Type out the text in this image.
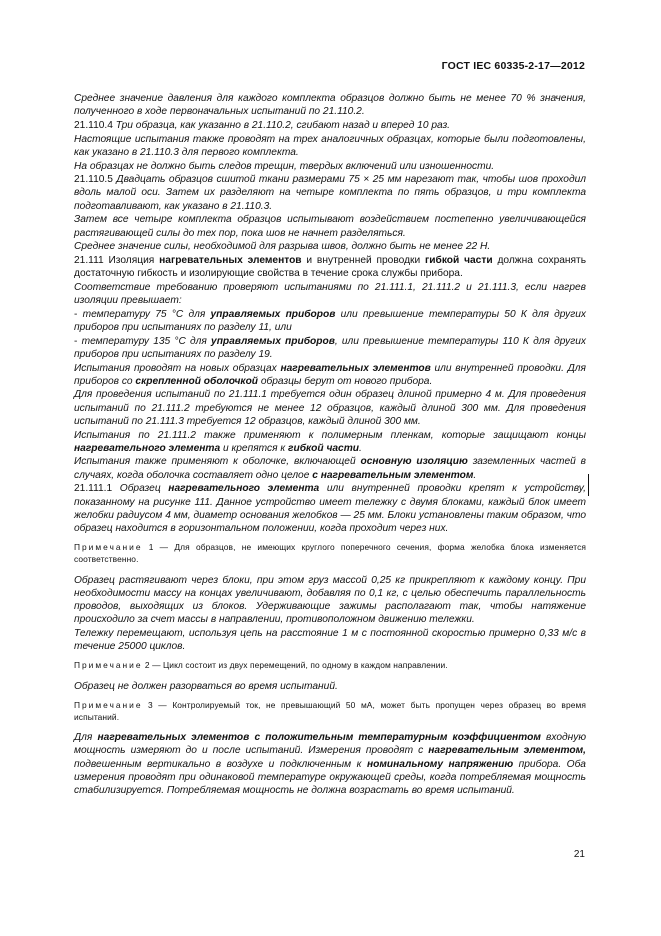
ГОСТ IEC 60335-2-17—2012

Среднее значение давления для каждого комплекта образцов должно быть не менее 70 % значения, полученного в ходе первоначальных испытаний по 21.110.2.

21.110.4 Три образца, как указанно в 21.110.2, сгибают назад и вперед 10 раз.

Настоящие испытания также проводят на трех аналогичных образцах, которые были подготовлены, как указано в 21.110.3 для первого комплекта.

На образцах не должно быть следов трещин, твердых включений или изношенности.

21.110.5 Двадцать образцов сшитой ткани размерами 75 × 25 мм нарезают так, чтобы шов проходил вдоль малой оси. Затем их разделяют на четыре комплекта по пять образцов, и три комплекта подготавливают, как указано в 21.110.3.

Затем все четыре комплекта образцов испытывают воздействием постепенно увеличивающейся растягивающей силы до тех пор, пока шов не начнет разделяться.

Среднее значение силы, необходимой для разрыва швов, должно быть не менее 22 Н.

21.111 Изоляция нагревательных элементов и внутренней проводки гибкой части должна сохранять достаточную гибкость и изолирующие свойства в течение срока службы прибора.

Соответствие требованию проверяют испытаниями по 21.111.1, 21.111.2 и 21.111.3, если нагрев изоляции превышает:

- температуру 75 °С для управляемых приборов или превышение температуры 50 К для других приборов при испытаниях по разделу 11, или

- температуру 135 °С для управляемых приборов, или превышение температуры 110 К для других приборов при испытаниях по разделу 19.

Испытания проводят на новых образцах нагревательных элементов или внутренней проводки. Для приборов со скрепленной оболочкой образцы берут от нового прибора.

Для проведения испытаний по 21.111.1 требуется один образец длиной примерно 4 м. Для проведения испытаний по 21.111.2 требуются не менее 12 образцов, каждый длиной 300 мм. Для проведения испытаний по 21.111.3 требуется 12 образцов, каждый длиной 300 мм.

Испытания по 21.111.2 также применяют к полимерным пленкам, которые защищают концы нагревательного элемента и крепятся к гибкой части.

Испытания также применяют к оболочке, включающей основную изоляцию заземленных частей в случаях, когда оболочка составляет одно целое с нагревательным элементом.

21.111.1 Образец нагревательного элемента или внутренней проводки крепят к устройству, показанному на рисунке 111. Данное устройство имеет тележку с двумя блоками, каждый блок имеет желобки радиусом 4 мм, диаметр основания желобков — 25 мм. Блоки установлены таким образом, что образец находится в горизонтальном положении, когда проходит через них.

Примечание 1 — Для образцов, не имеющих круглого поперечного сечения, форма желобка блока изменяется соответственно.

Образец растягивают через блоки, при этом груз массой 0,25 кг прикрепляют к каждому концу. При необходимости массу на концах увеличивают, добавляя по 0,1 кг, с целью обеспечить параллельность проводов, выходящих из блоков. Удерживающие зажимы располагают так, чтобы натяжение происходило за счет массы в направлении, противоположном движению тележки.

Тележку перемещают, используя цепь на расстояние 1 м с постоянной скоростью примерно 0,33 м/с в течение 25000 циклов.

Примечание 2 — Цикл состоит из двух перемещений, по одному в каждом направлении.

Образец не должен разорваться во время испытаний.

Примечание 3 — Контролируемый ток, не превышающий 50 мА, может быть пропущен через образец во время испытаний.

Для нагревательных элементов с положительным температурным коэффициентом входную мощность измеряют до и после испытаний. Измерения проводят с нагревательным элементом, подвешенным вертикально в воздухе и подключенным к номинальному напряжению прибора. Оба измерения проводят при одинаковой температуре окружающей среды, когда потребляемая мощность стабилизируется. Потребляемая мощность не должна возрастать во время испытаний.

21
